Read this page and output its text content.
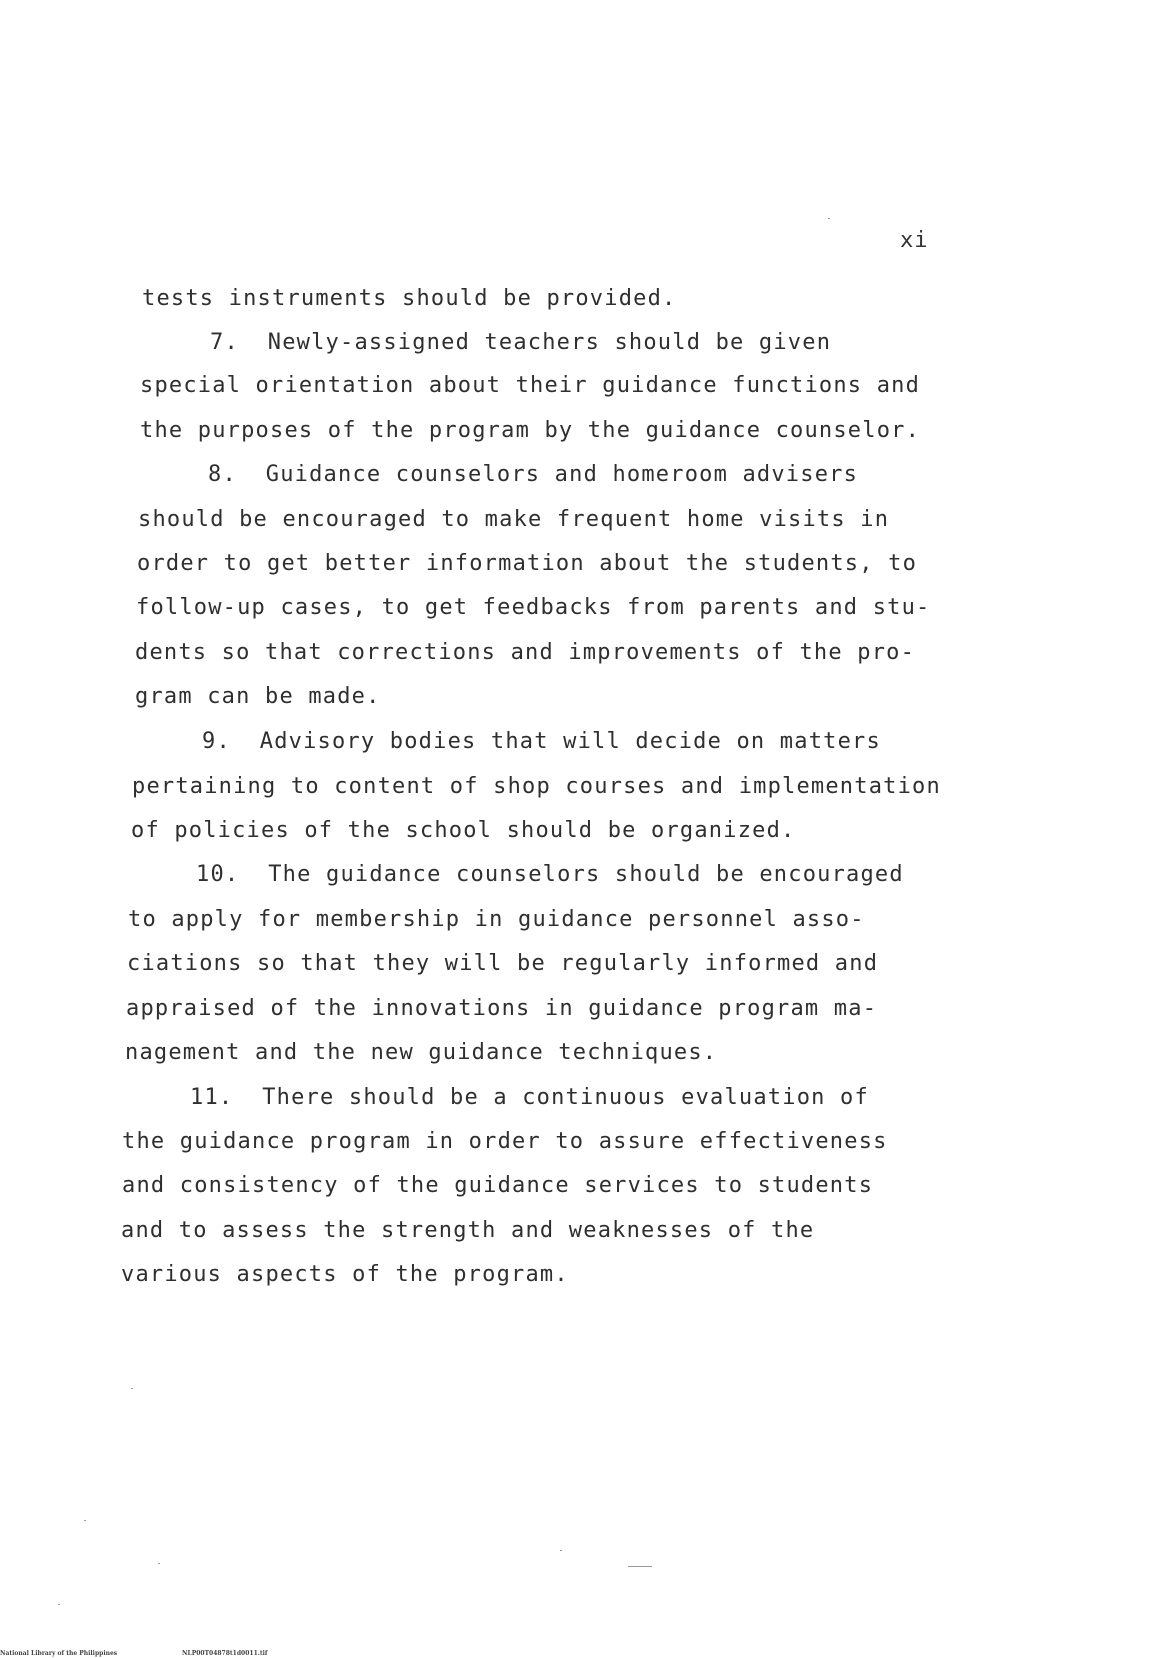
xi
tests instruments should be provided.
7.  Newly-assigned teachers should be given
special orientation about their guidance functions and
the purposes of the program by the guidance counselor.
8.  Guidance counselors and homeroom advisers
should be encouraged to make frequent home visits in
order to get better information about the students, to
follow-up cases, to get feedbacks from parents and stu-
dents so that corrections and improvements of the pro-
gram can be made.
9.  Advisory bodies that will decide on matters
pertaining to content of shop courses and implementation
of policies of the school should be organized.
10.  The guidance counselors should be encouraged
to apply for membership in guidance personnel asso-
ciations so that they will be regularly informed and
appraised of the innovations in guidance program ma-
nagement and the new guidance techniques.
11.  There should be a continuous evaluation of
the guidance program in order to assure effectiveness
and consistency of the guidance services to students
and to assess the strength and weaknesses of the
various aspects of the program.
National Library of the Philippines	NLP00T04878t1d0011.tif
